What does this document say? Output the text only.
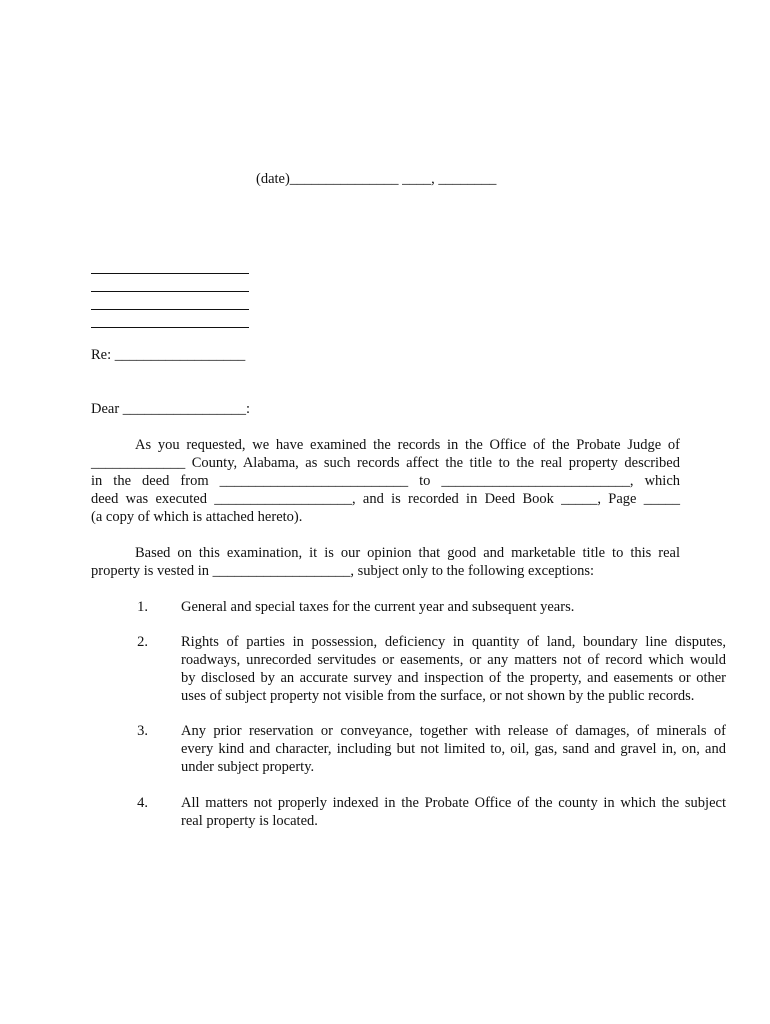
(date)_______________ ____, ________
Re: __________________
Dear _________________:
As you requested, we have examined the records in the Office of the Probate Judge of
_____________ County, Alabama, as such records affect the title to the real property described
in the deed from __________________________ to __________________________, which
deed was executed ___________________, and is recorded in Deed Book _____, Page _____
(a copy of which is attached hereto).
Based on this examination, it is our opinion that good and marketable title to this real
property is vested in ___________________, subject only to the following exceptions:
1. General and special taxes for the current year and subsequent years.
2. Rights of parties in possession, deficiency in quantity of land, boundary line disputes,
roadways, unrecorded servitudes or easements, or any matters not of record which would
by disclosed by an accurate survey and inspection of the property, and easements or other
uses of subject property not visible from the surface, or not shown by the public records.
3. Any prior reservation or conveyance, together with release of damages, of minerals of
every kind and character, including but not limited to, oil, gas, sand and gravel in, on, and
under subject property.
4. All matters not properly indexed in the Probate Office of the county in which the subject
real property is located.
